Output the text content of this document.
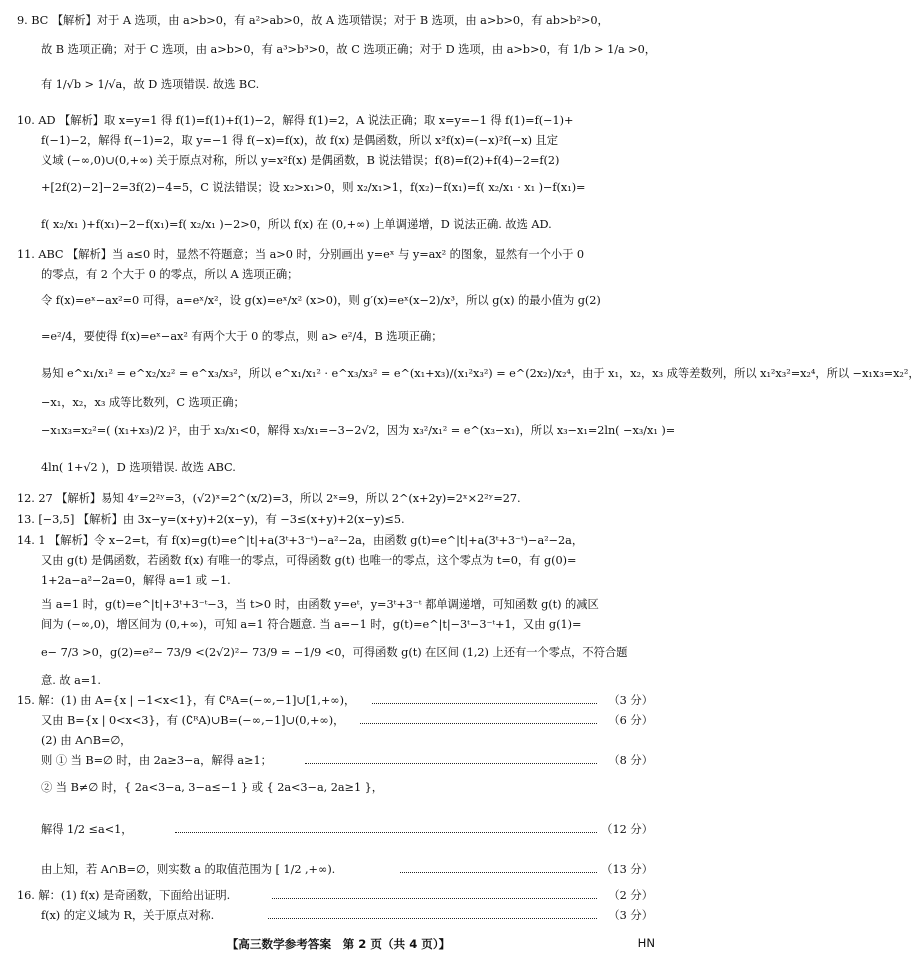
9. BC 【解析】对于 A 选项，由 a>b>0，有 a²>ab>0，故 A 选项错误；对于 B 选项，由 a>b>0，有 ab>b²>0，
故 B 选项正确；对于 C 选项，由 a>b>0，有 a³>b³>0，故 C 选项正确；对于 D 选项，由 a>b>0，有 1/b > 1/a >0，
有 1/√b > 1/√a，故 D 选项错误. 故选 BC.
10. AD 【解析】取 x=y=1 得 f(1)=f(1)+f(1)−2，解得 f(1)=2，A 说法正确；取 x=y=−1 得 f(1)=f(−1)+
f(−1)−2，解得 f(−1)=2，取 y=−1 得 f(−x)=f(x)，故 f(x) 是偶函数，所以 x²f(x)=(−x)²f(−x) 且定
义域 (−∞,0)∪(0,+∞) 关于原点对称，所以 y=x²f(x) 是偶函数，B 说法错误；f(8)=f(2)+f(4)−2=f(2)
+[2f(2)−2]−2=3f(2)−4=5，C 说法错误；设 x₂>x₁>0，则 x₂/x₁>1，f(x₂)−f(x₁)=f( x₂/x₁ · x₁ )−f(x₁)=
f( x₂/x₁ )+f(x₁)−2−f(x₁)=f( x₂/x₁ )−2>0，所以 f(x) 在 (0,+∞) 上单调递增，D 说法正确. 故选 AD.
11. ABC 【解析】当 a≤0 时，显然不符题意；当 a>0 时，分别画出 y=eˣ 与 y=ax² 的图象，显然有一个小于 0
的零点，有 2 个大于 0 的零点，所以 A 选项正确；
令 f(x)=eˣ−ax²=0 可得，a=eˣ/x²，设 g(x)=eˣ/x² (x>0)，则 g′(x)=eˣ(x−2)/x³，所以 g(x) 的最小值为 g(2)
=e²/4，要使得 f(x)=eˣ−ax² 有两个大于 0 的零点，则 a> e²/4，B 选项正确；
易知 e^x₁/x₁² = e^x₂/x₂² = e^x₃/x₃²，所以 e^x₁/x₁² · e^x₃/x₃² = e^(x₁+x₃)/(x₁²x₃²) = e^(2x₂)/x₂⁴，由于 x₁，x₂，x₃ 成等差数列，所以 x₁²x₃²=x₂⁴，所以 −x₁x₃=x₂²，
−x₁，x₂，x₃ 成等比数列，C 选项正确；
−x₁x₃=x₂²=( (x₁+x₃)/2 )²，由于 x₃/x₁<0，解得 x₃/x₁=−3−2√2，因为 x₃²/x₁² = e^(x₃−x₁)，所以 x₃−x₁=2ln( −x₃/x₁ )=
4ln( 1+√2 )，D 选项错误. 故选 ABC.
12. 27 【解析】易知 4ʸ=2²ʸ=3，(√2)ˣ=2^(x/2)=3，所以 2ˣ=9，所以 2^(x+2y)=2ˣ×2²ʸ=27.
13. [−3,5] 【解析】由 3x−y=(x+y)+2(x−y)，有 −3≤(x+y)+2(x−y)≤5.
14. 1 【解析】令 x−2=t，有 f(x)=g(t)=e^|t|+a(3ᵗ+3⁻ᵗ)−a²−2a，由函数 g(t)=e^|t|+a(3ᵗ+3⁻ᵗ)−a²−2a，
又由 g(t) 是偶函数，若函数 f(x) 有唯一的零点，可得函数 g(t) 也唯一的零点，这个零点为 t=0，有 g(0)=
1+2a−a²−2a=0，解得 a=1 或 −1.
当 a=1 时，g(t)=e^|t|+3ᵗ+3⁻ᵗ−3，当 t>0 时，由函数 y=eᵗ，y=3ᵗ+3⁻ᵗ 都单调递增，可知函数 g(t) 的减区
间为 (−∞,0)，增区间为 (0,+∞)，可知 a=1 符合题意. 当 a=−1 时，g(t)=e^|t|−3ᵗ−3⁻ᵗ+1，又由 g(1)=
e− 7/3 >0，g(2)=e²− 73/9 <(2√2)²− 73/9 = −1/9 <0，可得函数 g(t) 在区间 (1,2) 上还有一个零点，不符合题
意. 故 a=1.
15. 解：(1) 由 A={x | −1<x<1}，有 ∁ᴿA=(−∞,−1]∪[1,+∞)，
又由 B={x | 0<x<3}，有 (∁ᴿA)∪B=(−∞,−1]∪(0,+∞)，
(2) 由 A∩B=∅，
则 ① 当 B=∅ 时，由 2a≥3−a，解得 a≥1；
② 当 B≠∅ 时，{ 2a<3−a, 3−a≤−1 } 或 { 2a<3−a, 2a≥1 }，
解得 1/2 ≤a<1，
由上知，若 A∩B=∅，则实数 a 的取值范围为 [ 1/2 ,+∞).
16. 解：(1) f(x) 是奇函数，下面给出证明.
f(x) 的定义域为 R，关于原点对称.
（3 分）
（6 分）
（8 分）
（12 分）
（13 分）
（2 分）
（3 分）
【高三数学参考答案　第 2 页（共 4 页）】	HN
